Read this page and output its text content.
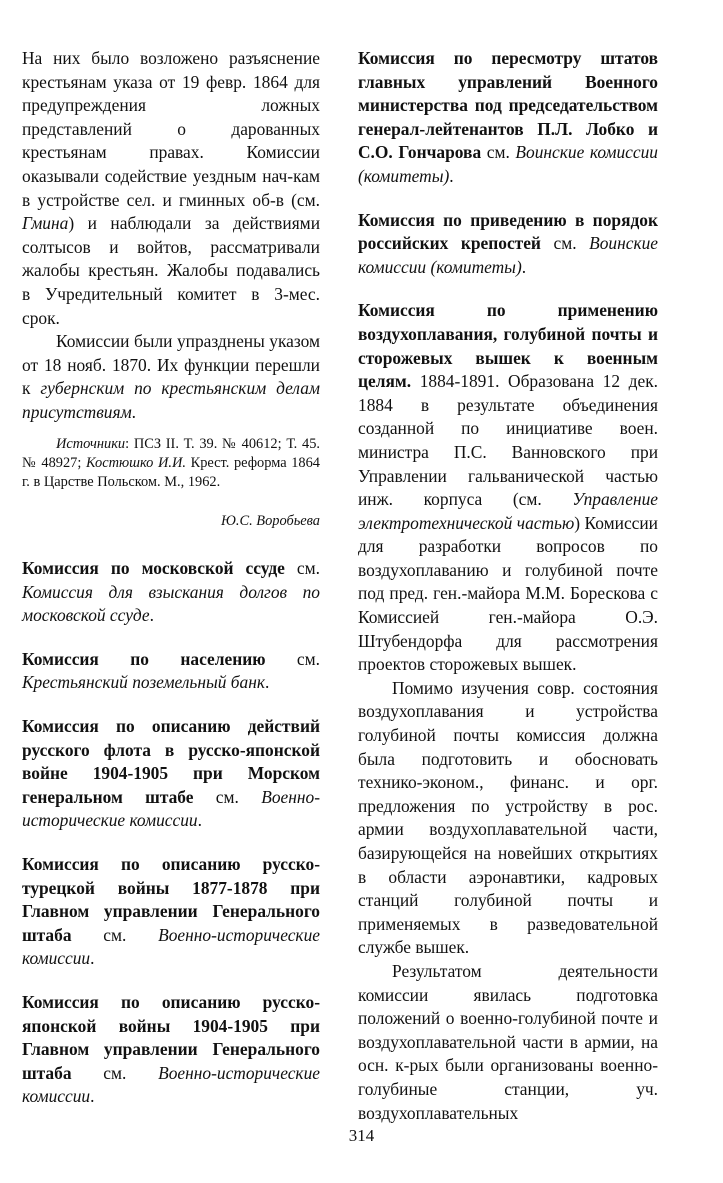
На них было возложено разъяснение крестьянам указа от 19 февр. 1864 для предупреждения ложных представлений о дарованных крестьянам правах. Комиссии оказывали содействие уездным нач-кам в устройстве сел. и гминных об-в (см. Гмина) и наблюдали за действиями солтысов и войтов, рассматривали жалобы крестьян. Жалобы подавались в Учредительный комитет в 3-мес. срок.

Комиссии были упразднены указом от 18 нояб. 1870. Их функции перешли к губернским по крестьянским делам присутствиям.

Источники: ПСЗ II. Т. 39. № 40612; Т. 45. № 48927; Костюшко И.И. Крест. реформа 1864 г. в Царстве Польском. М., 1962.

Ю.С. Воробьева

Комиссия по московской ссуде см. Комиссия для взыскания долгов по московской ссуде.

Комиссия по населению см. Крестьянский поземельный банк.

Комиссия по описанию действий русского флота в русско-японской войне 1904-1905 при Морском генеральном штабе см. Военно-исторические комиссии.

Комиссия по описанию русско-турецкой войны 1877-1878 при Главном управлении Генерального штаба см. Военно-исторические комиссии.

Комиссия по описанию русско-японской войны 1904-1905 при Главном управлении Генерального штаба см. Военно-исторические комиссии.

Комиссия по пересмотру штатов главных управлений Военного министерства под председательством генерал-лейтенантов П.Л. Лобко и С.О. Гончарова см. Воинские комиссии (комитеты).

Комиссия по приведению в порядок российских крепостей см. Воинские комиссии (комитеты).

Комиссия по применению воздухоплавания, голубиной почты и сторожевых вышек к военным целям. 1884-1891. Образована 12 дек. 1884 в результате объединения созданной по инициативе воен. министра П.С. Ванновского при Управлении гальванической частью инж. корпуса (см. Управление электротехнической частью) Комиссии для разработки вопросов по воздухоплаванию и голубиной почте под пред. ген.-майора М.М. Борескова с Комиссией ген.-майора О.Э. Штубендорфа для рассмотрения проектов сторожевых вышек.

Помимо изучения совр. состояния воздухоплавания и устройства голубиной почты комиссия должна была подготовить и обосновать технико-эконом., финанс. и орг. предложения по устройству в рос. армии воздухоплавательной части, базирующейся на новейших открытиях в области аэронавтики, кадровых станций голубиной почты и применяемых в разведовательной службе вышек.

Результатом деятельности комиссии явилась подготовка положений о военно-голубиной почте и воздухоплавательной части в армии, на осн. к-рых были организованы военно-голубиные станции, уч. воздухоплавательных

314
